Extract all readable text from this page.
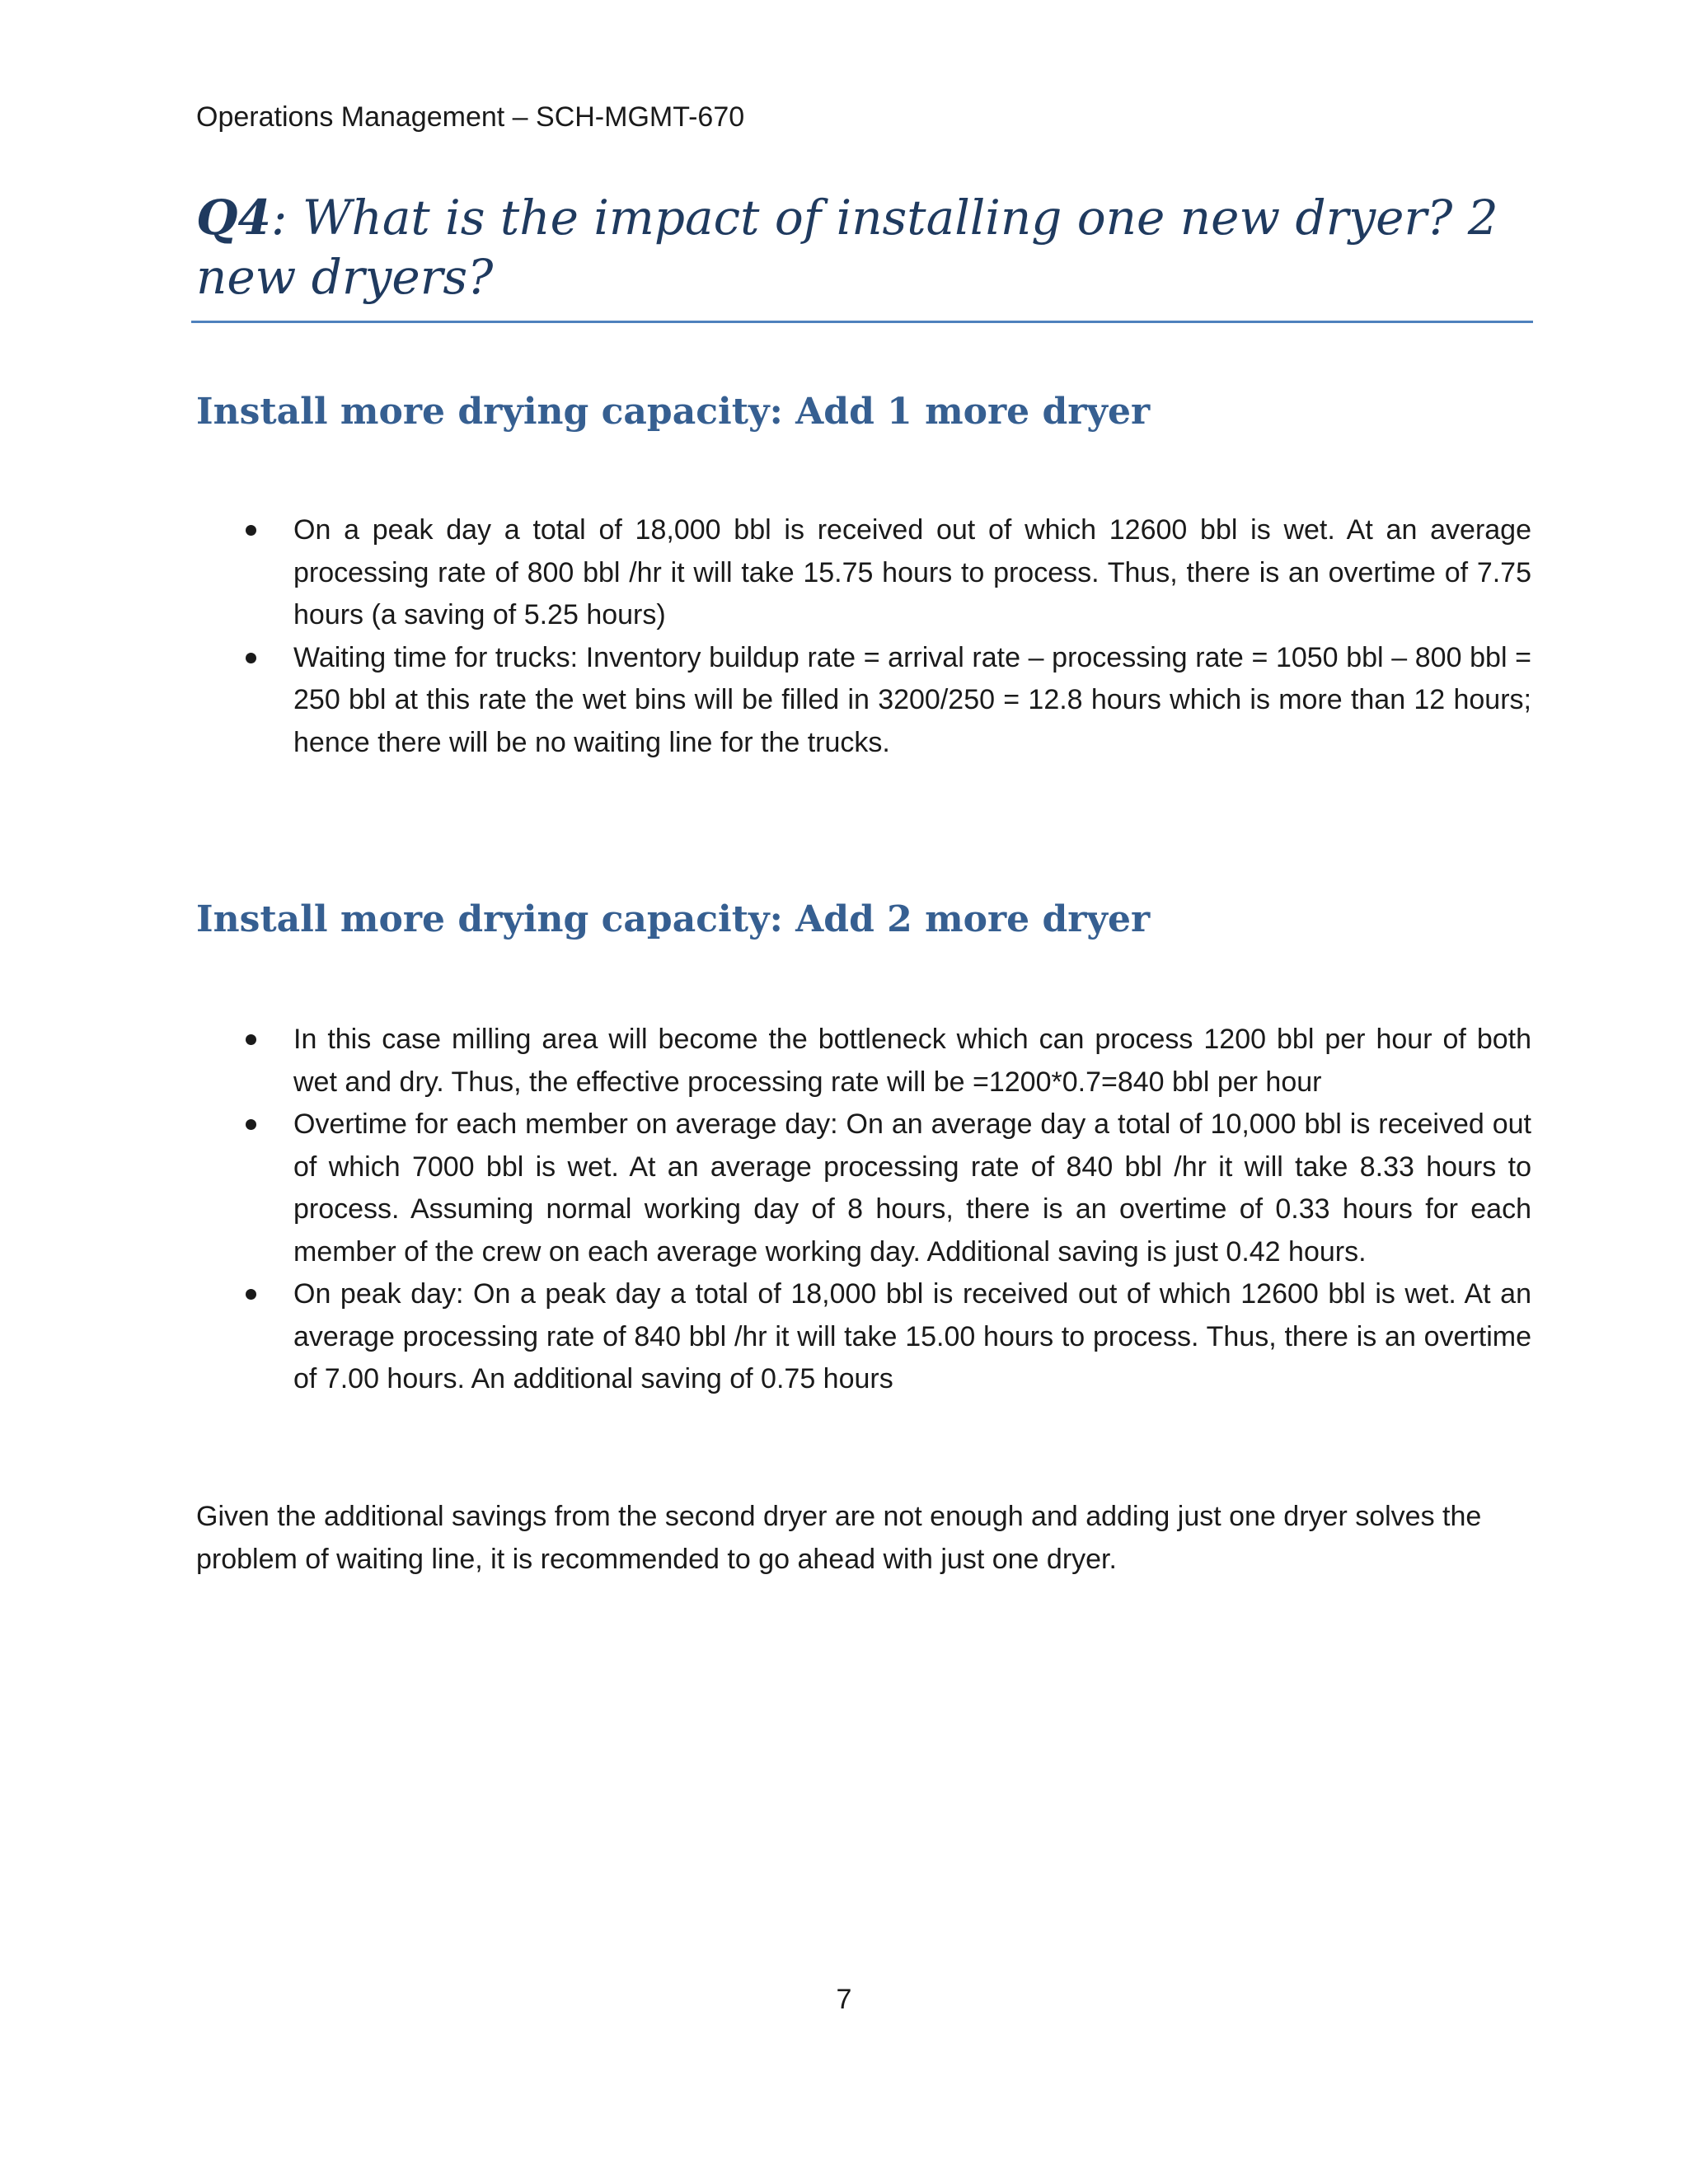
Operations Management – SCH-MGMT-670
Q4: What is the impact of installing one new dryer? 2 new dryers?
Install more drying capacity: Add 1 more dryer
On a peak day a total of 18,000 bbl is received out of which 12600 bbl is wet. At an average processing rate of 800 bbl /hr it will take 15.75 hours to process. Thus, there is an overtime of 7.75 hours (a saving of 5.25 hours)
Waiting time for trucks: Inventory buildup rate = arrival rate – processing rate = 1050 bbl – 800 bbl = 250 bbl at this rate the wet bins will be filled in 3200/250 = 12.8 hours which is more than 12 hours; hence there will be no waiting line for the trucks.
Install more drying capacity: Add 2 more dryer
In this case milling area will become the bottleneck which can process 1200 bbl per hour of both wet and dry. Thus, the effective processing rate will be =1200*0.7=840 bbl per hour
Overtime for each member on average day: On an average day a total of 10,000 bbl is received out of which 7000 bbl is wet. At an average processing rate of 840 bbl /hr it will take 8.33 hours to process. Assuming normal working day of 8 hours, there is an overtime of 0.33 hours for each member of the crew on each average working day. Additional saving is just 0.42 hours.
On peak day: On a peak day a total of 18,000 bbl is received out of which 12600 bbl is wet. At an average processing rate of 840 bbl /hr it will take 15.00 hours to process. Thus, there is an overtime of 7.00 hours. An additional saving of 0.75 hours

Given the additional savings from the second dryer are not enough and adding just one dryer solves the problem of waiting line, it is recommended to go ahead with just one dryer.

7
